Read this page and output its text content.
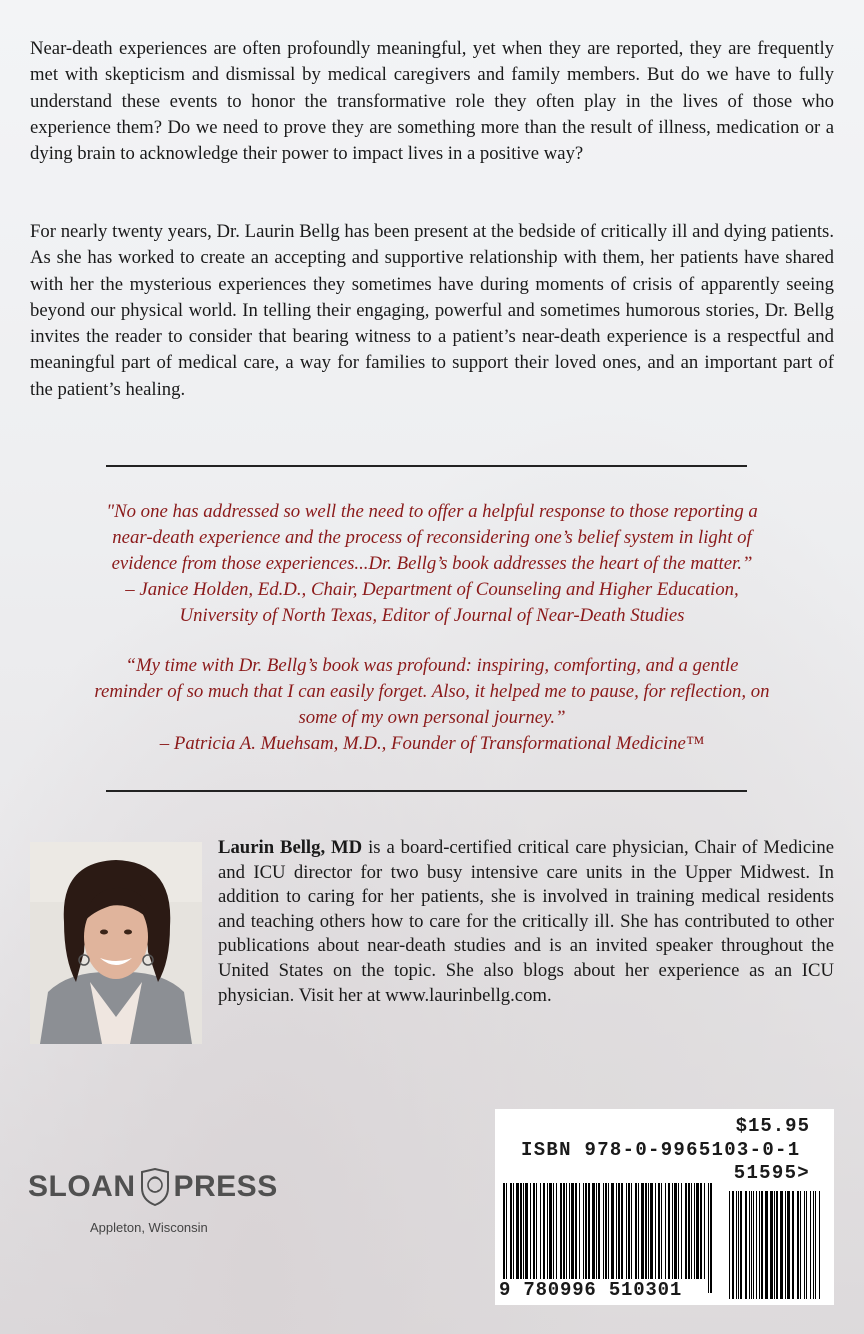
Near-death experiences are often profoundly meaningful, yet when they are reported, they are frequently met with skepticism and dismissal by medical caregivers and family members. But do we have to fully understand these events to honor the transformative role they often play in the lives of those who experience them? Do we need to prove they are something more than the result of illness, medication or a dying brain to acknowledge their power to impact lives in a positive way?

For nearly twenty years, Dr. Laurin Bellg has been present at the bedside of critically ill and dying patients. As she has worked to create an accepting and supportive relationship with them, her patients have shared with her the mysterious experiences they sometimes have during moments of crisis of apparently seeing beyond our physical world. In telling their engaging, powerful and sometimes humorous stories, Dr. Bellg invites the reader to consider that bearing witness to a patient’s near-death experience is a respectful and meaningful part of medical care, a way for families to support their loved ones, and an important part of the patient’s healing.

"No one has addressed so well the need to offer a helpful response to those reporting a
near-death experience and the process of reconsidering one’s belief system in light of
evidence from those experiences...Dr. Bellg’s book addresses the heart of the matter.”
– Janice Holden, Ed.D., Chair, Department of Counseling and Higher Education,
University of North Texas, Editor of Journal of Near-Death Studies
“My time with Dr. Bellg’s book was profound: inspiring, comforting, and a gentle
reminder of so much that I can easily forget. Also, it helped me to pause, for reflection, on
some of my own personal journey.”
– Patricia A. Muehsam, M.D., Founder of Transformational Medicine™

Laurin Bellg, MD is a board-certified critical care physician, Chair of Medicine and ICU director for two busy intensive care units in the Upper Midwest. In addition to caring for her patients, she is involved in training medical residents and teaching others how to care for the critically ill. She has contributed to other publications about near-death studies and is an invited speaker throughout the United States on the topic. She also blogs about her experience as an ICU physician. Visit her at www.laurinbellg.com.

SLOAN PRESS
Appleton, Wisconsin
$15.95
ISBN 978-0-9965103-0-1
51595>
9 780996 510301
